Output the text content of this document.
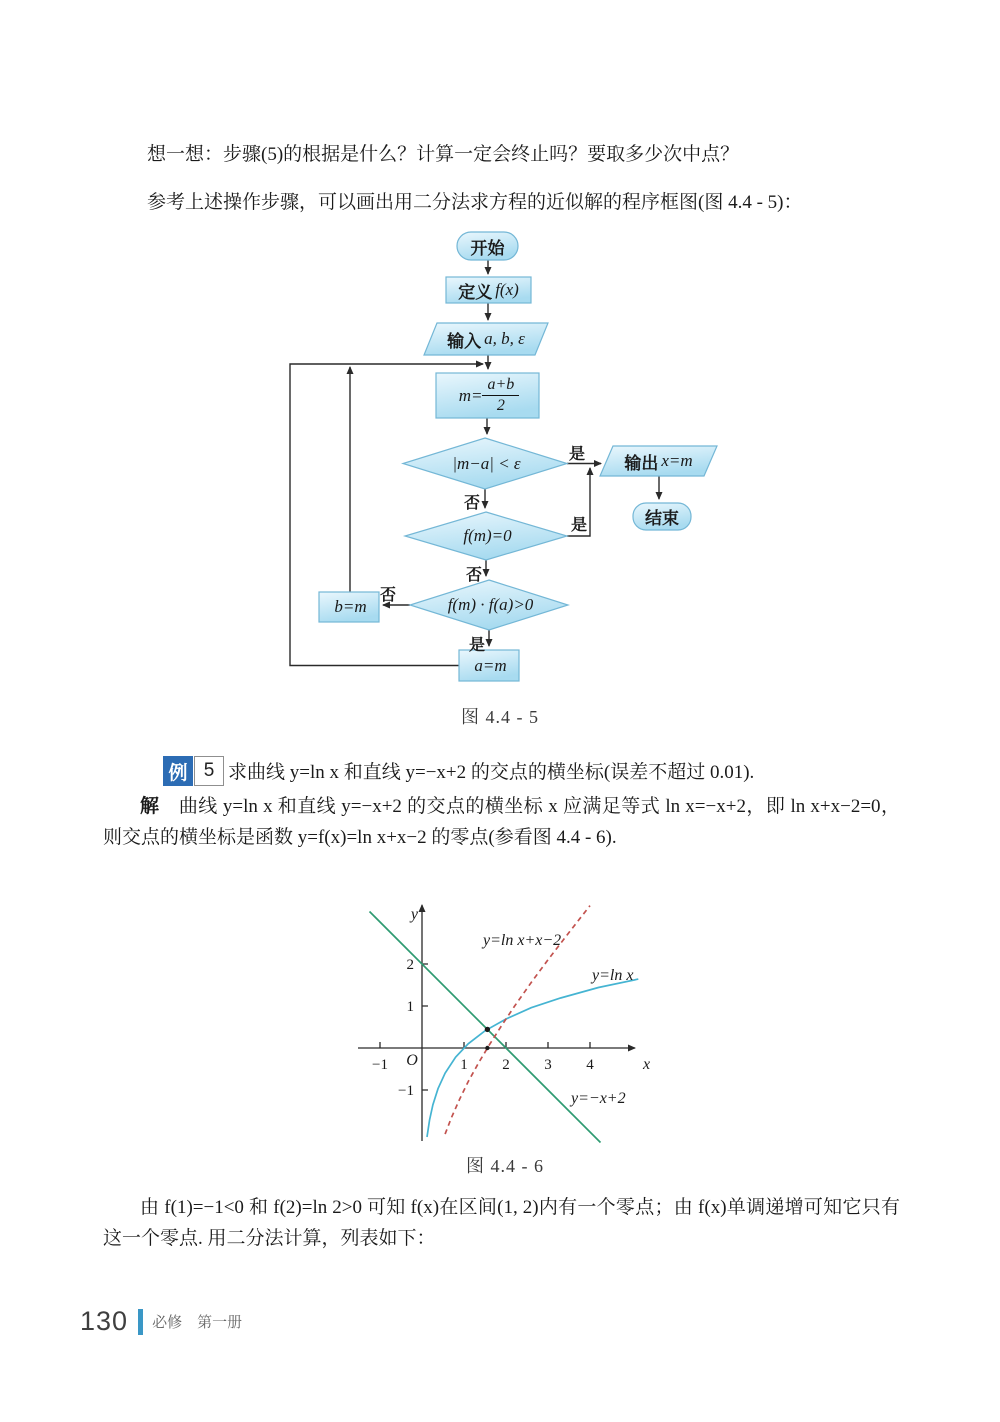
想一想：步骤(5)的根据是什么？计算一定会终止吗？要取多少次中点？
参考上述操作步骤，可以画出用二分法求方程的近似解的程序框图(图 4.4 - 5)：
开始
定义 f(x)
输入 a, b, ε
$m= \frac{a+b}{2}$
|m−a| < ε	输出 x=m
结束
f(m)=0
f(m) · f(a)>0
b=m
a=m
是
否
是
否
否
是
图 4.4 - 5
例 5 求曲线 y=ln x 和直线 y=−x+2 的交点的横坐标(误差不超过 0.01).

解　曲线 y=ln x 和直线 y=−x+2 的交点的横坐标 x 应满足等式 ln x=−x+2，即 ln x+x−2=0，则交点的横坐标是函数 y=f(x)=ln x+x−2 的零点(参看图 4.4 - 6).

y=ln x+x−2
y=ln x
y=−x+2
y
x
O
−1	1 2 3 4
2
1
−1
图 4.4 - 6

由 f(1)=−1<0 和 f(2)=ln 2>0 可知 f(x)在区间(1, 2)内有一个零点；由 f(x)单调递增可知它只有这一个零点. 用二分法计算，列表如下：

130 必修　第一册
